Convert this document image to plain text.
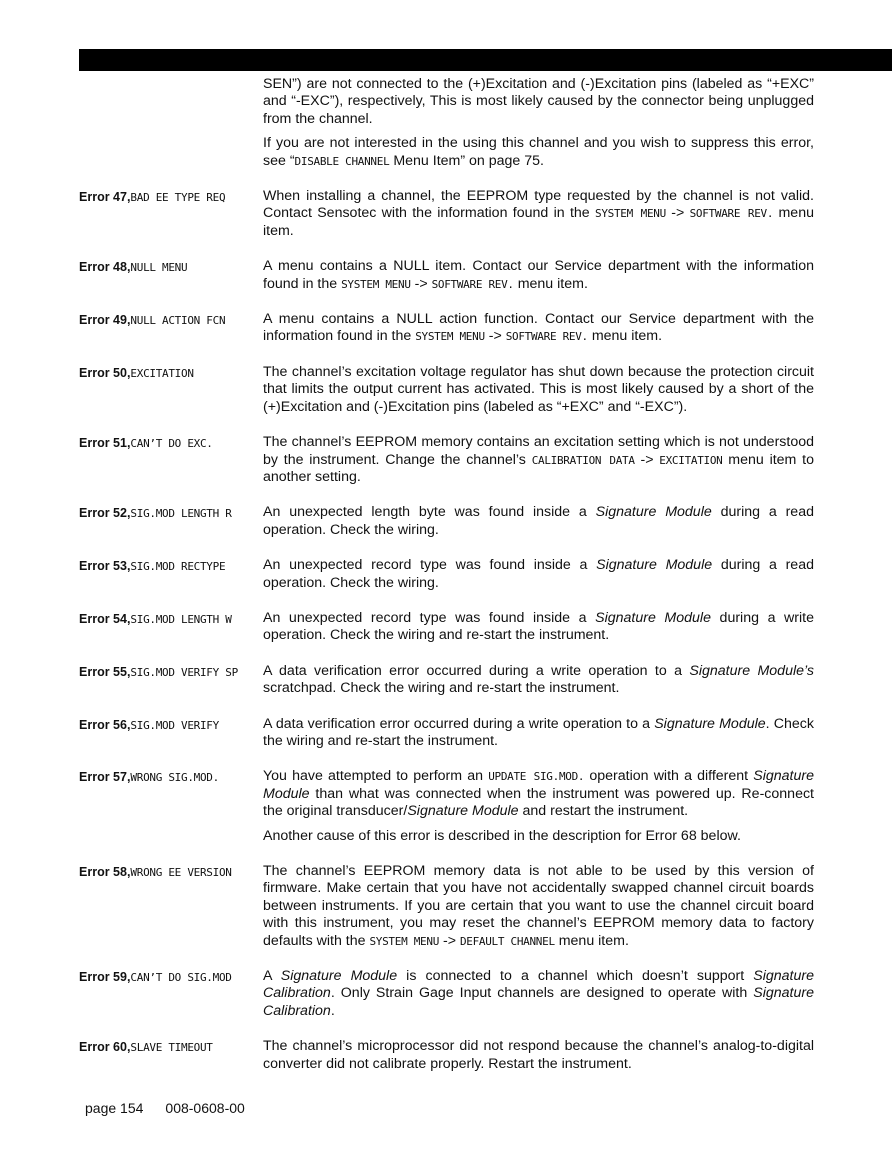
SEN”) are not connected to the (+)Excitation and (-)Excitation pins (labeled as “+EXC” and “-EXC”), respectively, This is most likely caused by the connector being unplugged from the channel.

If you are not interested in the using this channel and you wish to suppress this error, see “DISABLE CHANNEL Menu Item” on page 75.

Error 47,BAD EE TYPE REQ	When installing a channel, the EEPROM type requested by the channel is not valid. Contact Sensotec with the information found in the SYSTEM MENU -> SOFTWARE REV. menu item.

Error 48,NULL MENU	A menu contains a NULL item. Contact our Service department with the information found in the SYSTEM MENU -> SOFTWARE REV. menu item.

Error 49,NULL ACTION FCN	A menu contains a NULL action function. Contact our Service department with the information found in the SYSTEM MENU -> SOFTWARE REV. menu item.

Error 50,EXCITATION	The channel’s excitation voltage regulator has shut down because the protection circuit that limits the output current has activated. This is most likely caused by a short of the (+)Excitation and (-)Excitation pins (labeled as “+EXC” and “-EXC”).

Error 51,CAN’T DO EXC.	The channel’s EEPROM memory contains an excitation setting which is not understood by the instrument. Change the channel’s CALIBRATION DATA -> EXCITATION menu item to another setting.

Error 52,SIG.MOD LENGTH R	An unexpected length byte was found inside a Signature Module during a read operation. Check the wiring.

Error 53,SIG.MOD RECTYPE	An unexpected record type was found inside a Signature Module during a read operation. Check the wiring.

Error 54,SIG.MOD LENGTH W	An unexpected record type was found inside a Signature Module during a write operation. Check the wiring and re-start the instrument.

Error 55,SIG.MOD VERIFY SP	A data verification error occurred during a write operation to a Signature Module’s scratchpad. Check the wiring and re-start the instrument.

Error 56,SIG.MOD VERIFY	A data verification error occurred during a write operation to a Signature Module. Check the wiring and re-start the instrument.

Error 57,WRONG SIG.MOD.	You have attempted to perform an UPDATE SIG.MOD. operation with a different Signature Module than what was connected when the instrument was powered up. Re-connect the original transducer/Signature Module and restart the instrument.

Another cause of this error is described in the description for Error 68 below.

Error 58,WRONG EE VERSION	The channel’s EEPROM memory data is not able to be used by this version of firmware. Make certain that you have not accidentally swapped channel circuit boards between instruments. If you are certain that you want to use the channel circuit board with this instrument, you may reset the channel’s EEPROM memory data to factory defaults with the SYSTEM MENU -> DEFAULT CHANNEL menu item.

Error 59,CAN’T DO SIG.MOD	A Signature Module is connected to a channel which doesn’t support Signature Calibration. Only Strain Gage Input channels are designed to operate with Signature Calibration.

Error 60,SLAVE TIMEOUT	The channel’s microprocessor did not respond because the channel’s analog-to-digital converter did not calibrate properly. Restart the instrument.

page 154 008-0608-00
